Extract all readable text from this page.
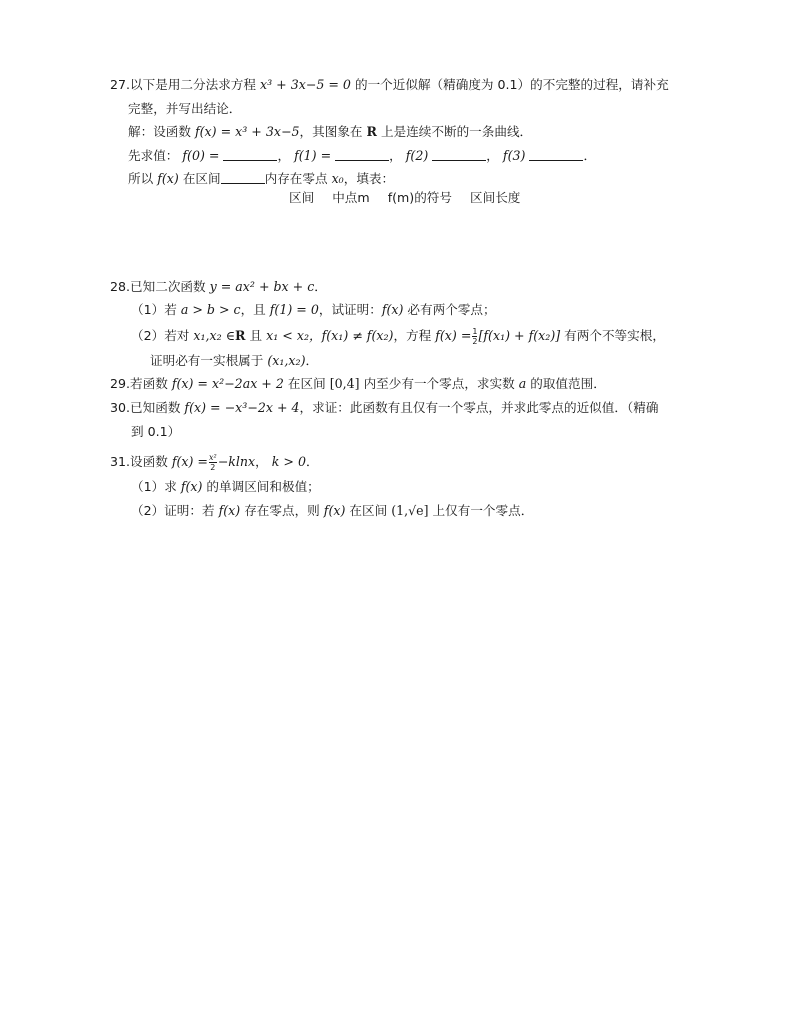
27.以下是用二分法求方程 x³ + 3x−5 = 0 的一个近似解（精确度为 0.1）的不完整的过程，请补充
完整，并写出结论．
解：设函数 f(x) = x³ + 3x−5，其图象在 R 上是连续不断的一条曲线．
先求值： f(0) =	， f(1) =	， f(2)	， f(3)	．
所以 f(x) 在区间	内存在零点 x₀，填表：
区间 中点m f(m)的符号 区间长度
28.已知二次函数 y = ax² + bx + c．
（1）若 a > b > c，且 f(1) = 0，试证明：f(x) 必有两个零点；
（2）若对 x₁,x₂ ∈R 且 x₁ < x₂，f(x₁) ≠ f(x₂)，方程 $f(x) = \frac{1}{2} [f(x_1) + f(x_2)]$ 有两个不等实根，
证明必有一实根属于 (x₁,x₂)．
29.若函数 f(x) = x²−2ax + 2 在区间 [0,4] 内至少有一个零点，求实数 a 的取值范围．
30.已知函数 f(x) = −x³−2x + 4，求证：此函数有且仅有一个零点，并求此零点的近似值．（精确
到 0.1）
31.设函数 $f(x) = \frac{\text{x²}}{2} -klnx$， k > 0．
（1）求 f(x) 的单调区间和极值；
（2）证明：若 f(x) 存在零点，则 f(x) 在区间 (1,√e] 上仅有一个零点．
